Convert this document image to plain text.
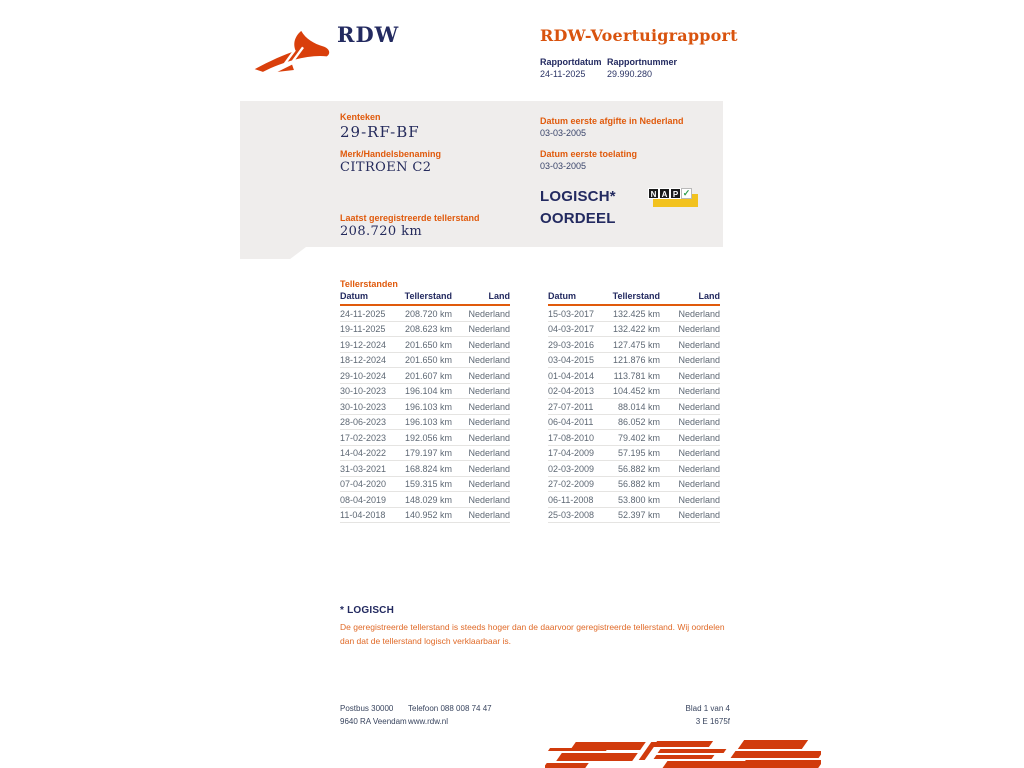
RDW	RDW-Voertuigrapport
Rapportdatum
24-11-2025
Rapportnummer
29.990.280
Kenteken
29-RF-BF
Merk/Handelsbenaming
CITROEN C2
Laatst geregistreerde tellerstand
208.720 km
Datum eerste afgifte in Nederland
03-03-2005
Datum eerste toelating
03-03-2005
LOGISCH*
OORDEEL
N A P ✓
Tellerstanden
Datum	Tellerstand	Land
24-11-2025	208.720 km	Nederland
19-11-2025	208.623 km	Nederland
19-12-2024	201.650 km	Nederland
18-12-2024	201.650 km	Nederland
29-10-2024	201.607 km	Nederland
30-10-2023	196.104 km	Nederland
30-10-2023	196.103 km	Nederland
28-06-2023	196.103 km	Nederland
17-02-2023	192.056 km	Nederland
14-04-2022	179.197 km	Nederland
31-03-2021	168.824 km	Nederland
07-04-2020	159.315 km	Nederland
08-04-2019	148.029 km	Nederland
11-04-2018	140.952 km	Nederland
Datum	Tellerstand	Land
15-03-2017	132.425 km	Nederland
04-03-2017	132.422 km	Nederland
29-03-2016	127.475 km	Nederland
03-04-2015	121.876 km	Nederland
01-04-2014	113.781 km	Nederland
02-04-2013	104.452 km	Nederland
27-07-2011	88.014 km	Nederland
06-04-2011	86.052 km	Nederland
17-08-2010	79.402 km	Nederland
17-04-2009	57.195 km	Nederland
02-03-2009	56.882 km	Nederland
27-02-2009	56.882 km	Nederland
06-11-2008	53.800 km	Nederland
25-03-2008	52.397 km	Nederland
* LOGISCH
De geregistreerde tellerstand is steeds hoger dan de daarvoor geregistreerde tellerstand. Wij oordelen dan dat de tellerstand logisch verklaarbaar is.
Postbus 30000
9640 RA Veendam
Telefoon 088 008 74 47
www.rdw.nl
Blad 1 van 4
3 E 1675f
